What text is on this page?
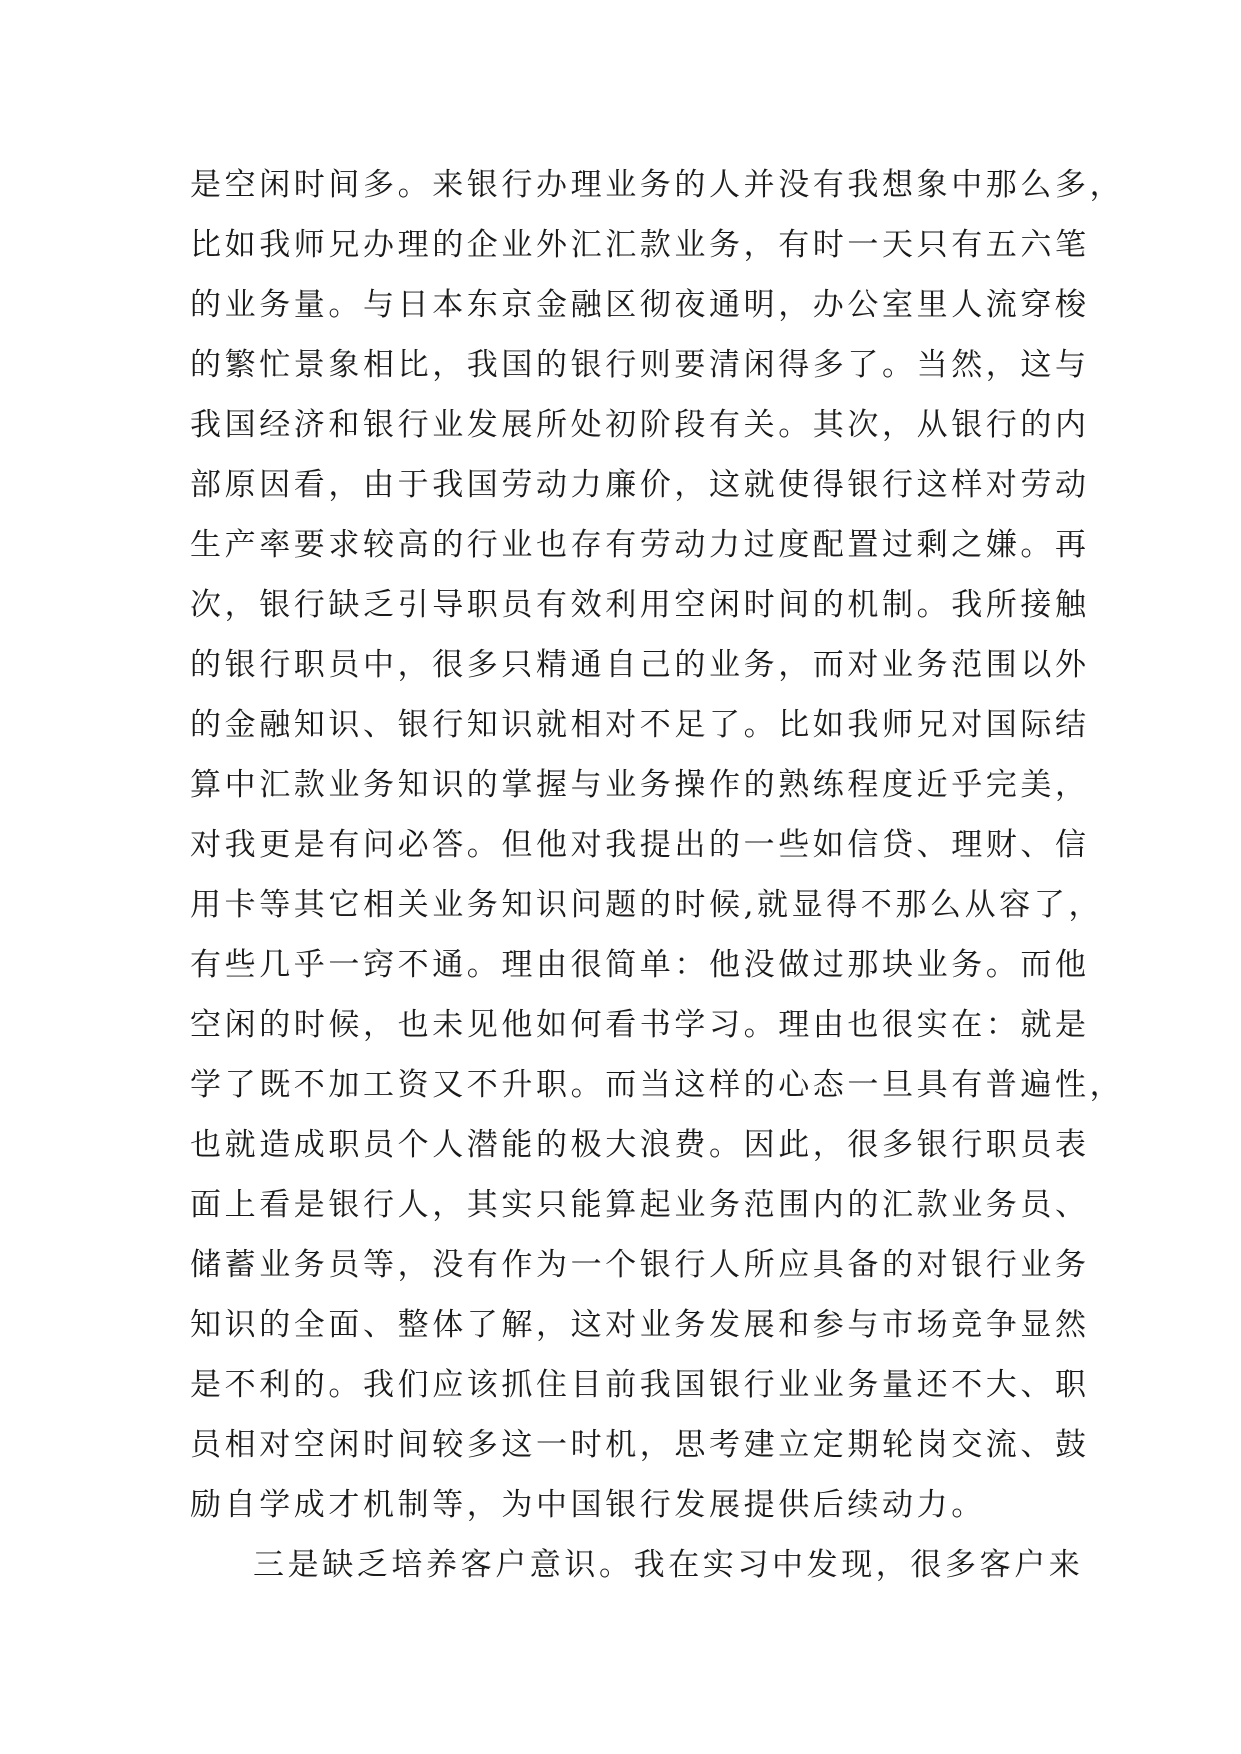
是空闲时间多。来银行办理业务的人并没有我想象中那么多，
比如我师兄办理的企业外汇汇款业务，有时一天只有五六笔
的业务量。与日本东京金融区彻夜通明，办公室里人流穿梭
的繁忙景象相比，我国的银行则要清闲得多了。当然，这与
我国经济和银行业发展所处初阶段有关。其次，从银行的内
部原因看，由于我国劳动力廉价，这就使得银行这样对劳动
生产率要求较高的行业也存有劳动力过度配置过剩之嫌。再
次，银行缺乏引导职员有效利用空闲时间的机制。我所接触
的银行职员中，很多只精通自己的业务，而对业务范围以外
的金融知识、银行知识就相对不足了。比如我师兄对国际结
算中汇款业务知识的掌握与业务操作的熟练程度近乎完美，
对我更是有问必答。但他对我提出的一些如信贷、理财、信
用卡等其它相关业务知识问题的时候,就显得不那么从容了，
有些几乎一窍不通。理由很简单：他没做过那块业务。而他
空闲的时候，也未见他如何看书学习。理由也很实在：就是
学了既不加工资又不升职。而当这样的心态一旦具有普遍性，
也就造成职员个人潜能的极大浪费。因此，很多银行职员表
面上看是银行人，其实只能算起业务范围内的汇款业务员、
储蓄业务员等，没有作为一个银行人所应具备的对银行业务
知识的全面、整体了解，这对业务发展和参与市场竞争显然
是不利的。我们应该抓住目前我国银行业业务量还不大、职
员相对空闲时间较多这一时机，思考建立定期轮岗交流、鼓
励自学成才机制等，为中国银行发展提供后续动力。
三是缺乏培养客户意识。我在实习中发现，很多客户来
